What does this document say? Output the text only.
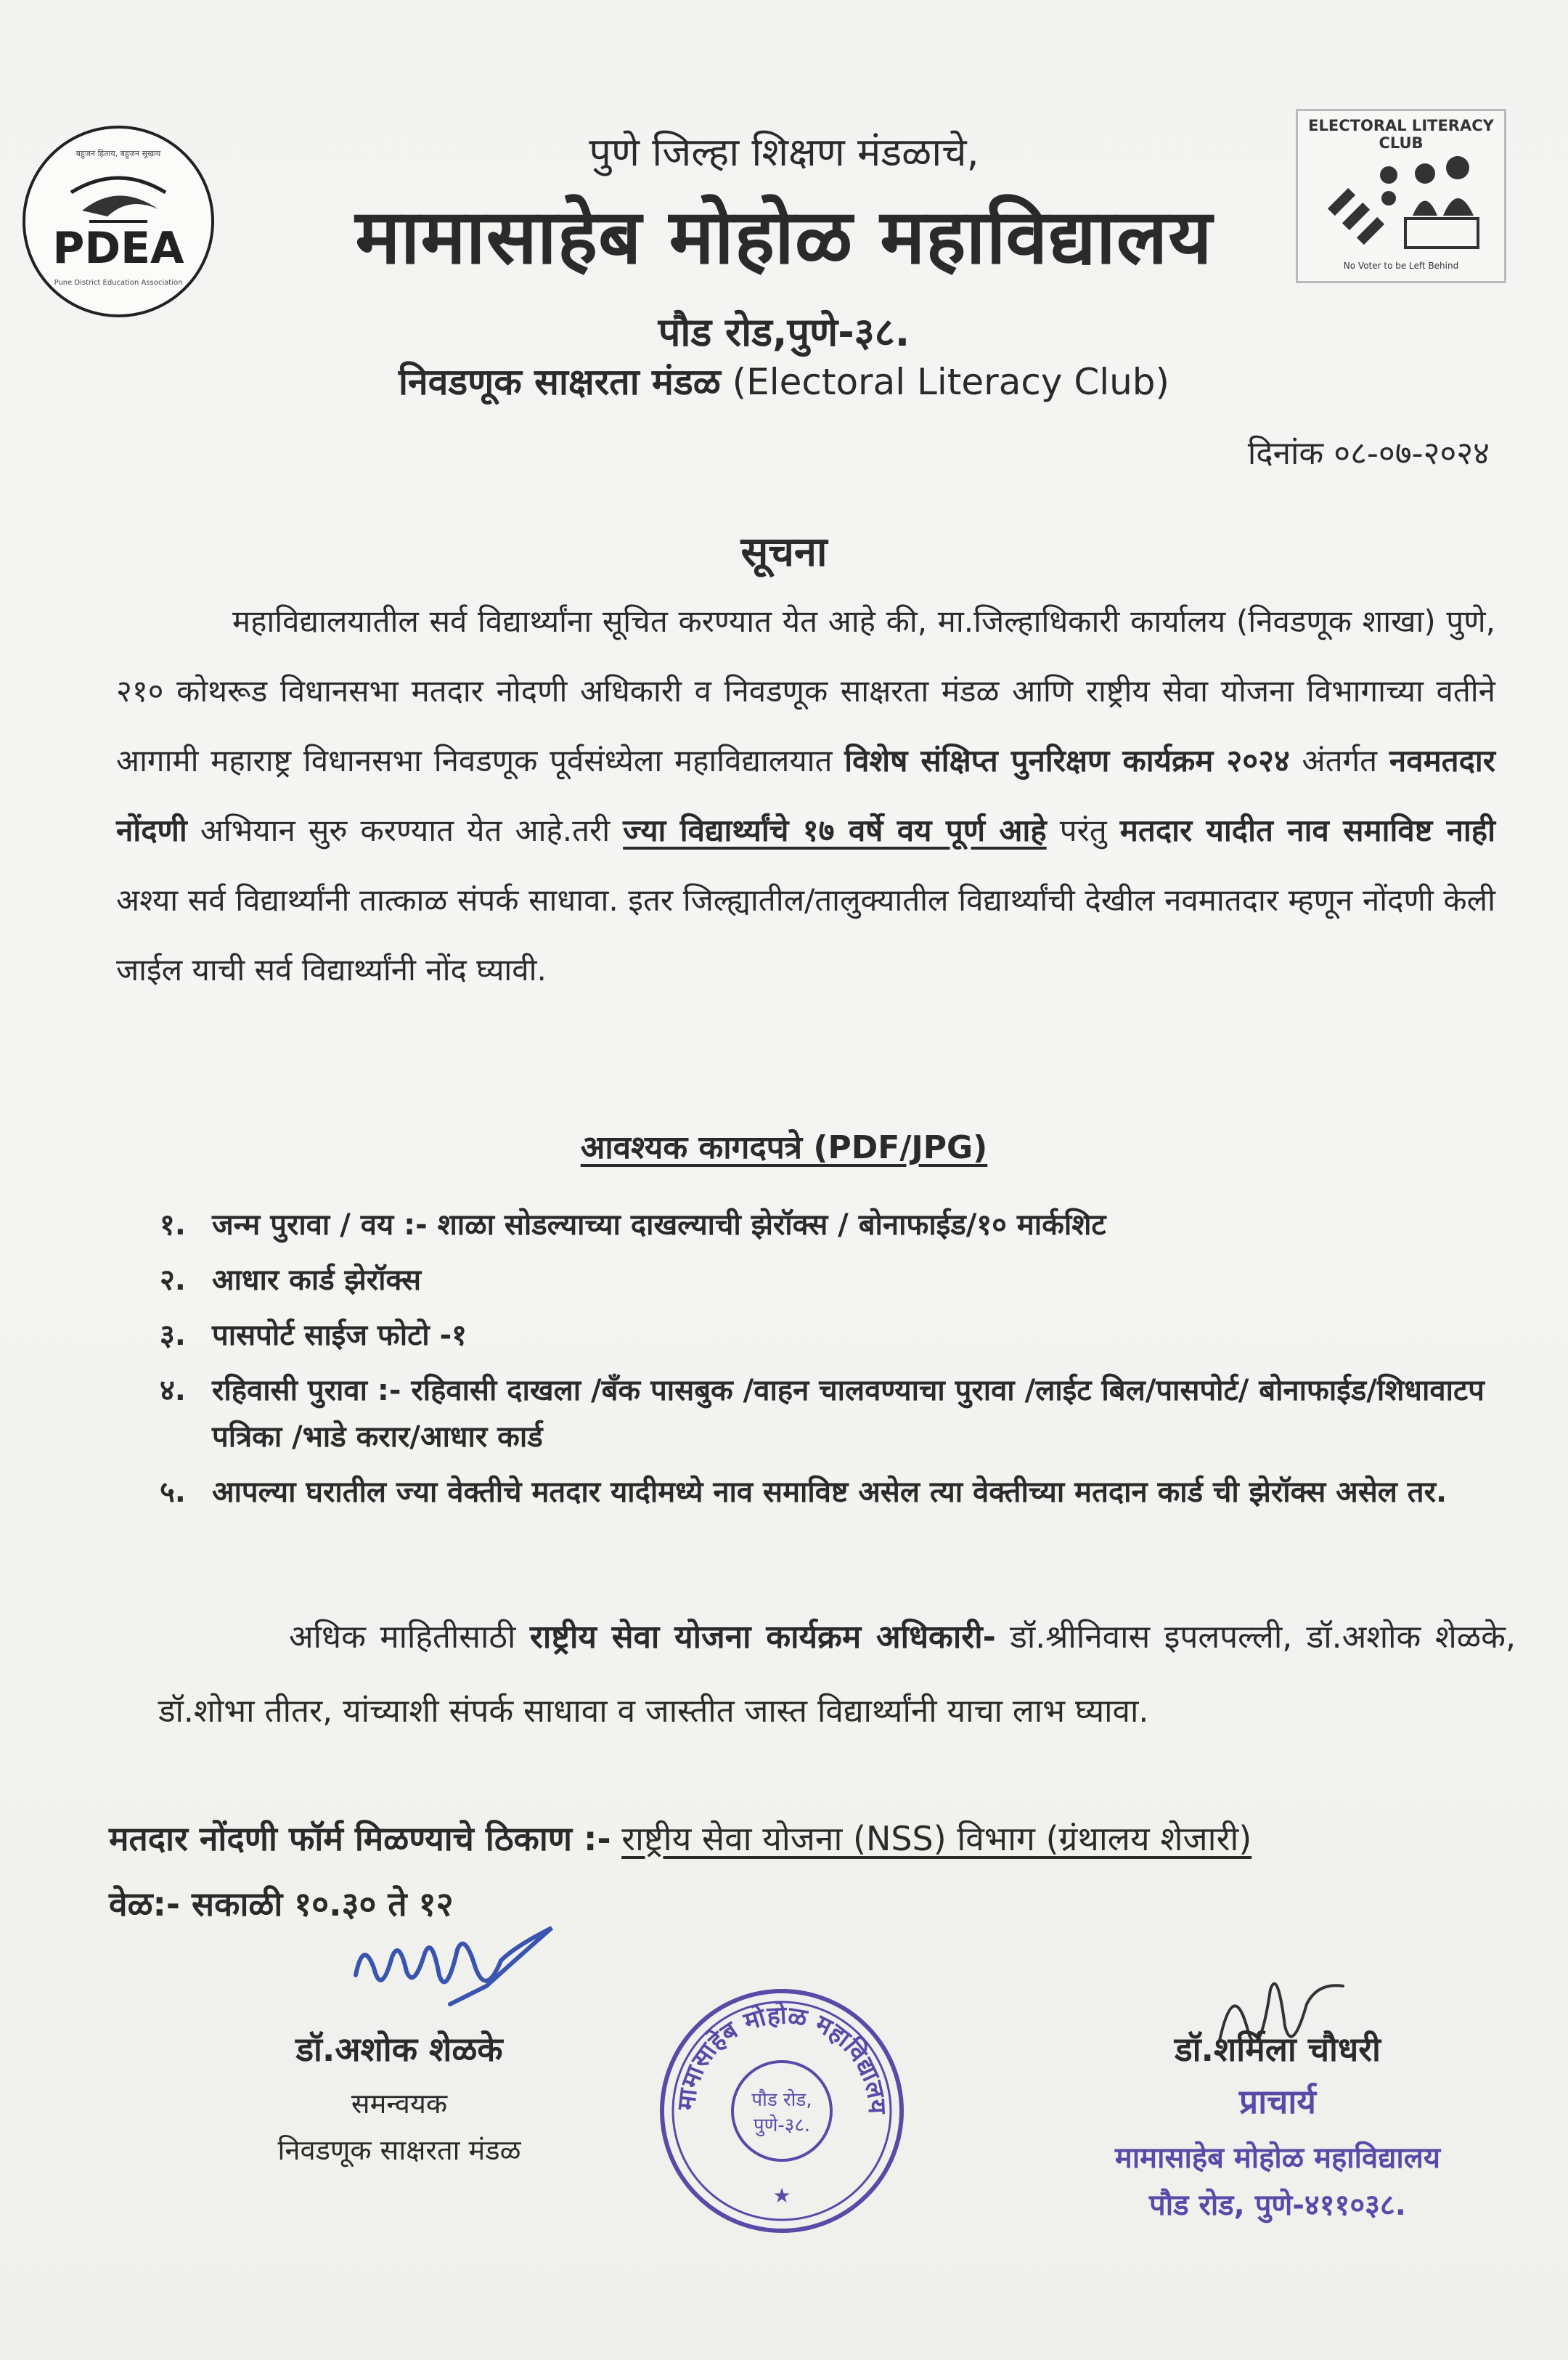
बहुजन हिताय, बहुजन सुखाय
PDEA
Pune District Education Association
ELECTORAL LITERACY CLUB
No Voter to be Left Behind
पुणे जिल्हा शिक्षण मंडळाचे,
मामासाहेब मोहोळ महाविद्यालय
पौड रोड,पुणे-३८.
निवडणूक साक्षरता मंडळ (Electoral Literacy Club)
दिनांक ०८-०७-२०२४
सूचना

महाविद्यालयातील सर्व विद्यार्थ्यांना सूचित करण्यात येत आहे की, मा.जिल्हाधिकारी कार्यालय (निवडणूक शाखा) पुणे, २१० कोथरूड विधानसभा मतदार नोदणी अधिकारी व निवडणूक साक्षरता मंडळ आणि राष्ट्रीय सेवा योजना विभागाच्या वतीने आगामी महाराष्ट्र विधानसभा निवडणूक पूर्वसंध्येला महाविद्यालयात विशेष संक्षिप्त पुनरिक्षण कार्यक्रम २०२४ अंतर्गत नवमतदार नोंदणी अभियान सुरु करण्यात येत आहे.तरी ज्या विद्यार्थ्यांचे १७ वर्षे वय पूर्ण आहे परंतु मतदार यादीत नाव समाविष्ट नाही अश्या सर्व विद्यार्थ्यांनी तात्काळ संपर्क साधावा. इतर जिल्ह्यातील/तालुक्यातील विद्यार्थ्यांची देखील नवमातदार म्हणून नोंदणी केली जाईल याची सर्व विद्यार्थ्यांनी नोंद घ्यावी.

आवश्यक कागदपत्रे (PDF/JPG)
१. जन्म पुरावा / वय :- शाळा सोडल्याच्या दाखल्याची झेरॉक्स / बोनाफाईड/१० मार्कशिट
२. आधार कार्ड झेरॉक्स
३. पासपोर्ट साईज फोटो -१
४. रहिवासी पुरावा :- रहिवासी दाखला /बँक पासबुक /वाहन चालवण्याचा पुरावा /लाईट बिल/पासपोर्ट/ बोनाफाईड/शिधावाटप पत्रिका /भाडे करार/आधार कार्ड
५. आपल्या घरातील ज्या वेक्तीचे मतदार यादीमध्ये नाव समाविष्ट असेल त्या वेक्तीच्या मतदान कार्ड ची झेरॉक्स असेल तर.

अधिक माहितीसाठी राष्ट्रीय सेवा योजना कार्यक्रम अधिकारी- डॉ.श्रीनिवास इपलपल्ली, डॉ.अशोक शेळके, डॉ.शोभा तीतर, यांच्याशी संपर्क साधावा व जास्तीत जास्त विद्यार्थ्यांनी याचा लाभ घ्यावा.

मतदार नोंदणी फॉर्म मिळण्याचे ठिकाण :- राष्ट्रीय सेवा योजना (NSS) विभाग (ग्रंथालय शेजारी)
वेळ:- सकाळी १०.३० ते १२
डॉ.अशोक शेळके
समन्वयक
निवडणूक साक्षरता मंडळ
मामासाहेब मोहोळ महाविद्यालय
पौड रोड,
पुणे-३८.
★
डॉ.शर्मिला चौधरी
प्राचार्य
मामासाहेब मोहोळ महाविद्यालय
पौड रोड, पुणे-४११०३८.
